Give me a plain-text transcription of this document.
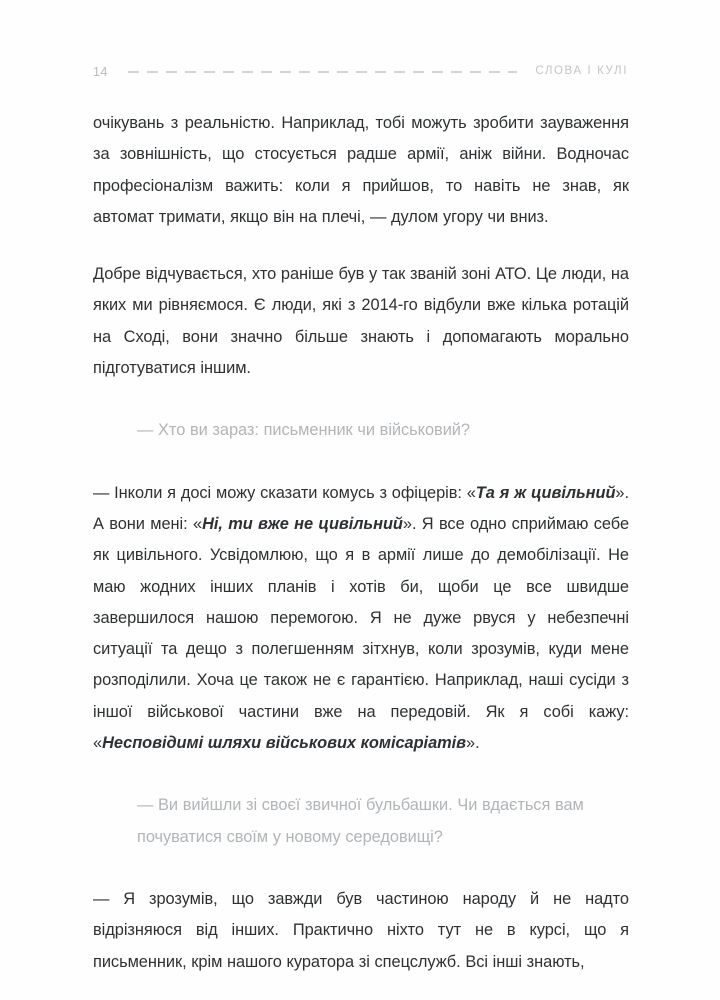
14	СЛОВА І КУЛІ

очікувань з реальністю. Наприклад, тобі можуть зробити зауваження за зовнішність, що стосується радше армії, аніж війни. Водночас професіоналізм важить: коли я прийшов, то навіть не знав, як автомат тримати, якщо він на плечі, — дулом угору чи вниз.

Добре відчувається, хто раніше був у так званій зоні АТО. Це люди, на яких ми рівняємося. Є люди, які з 2014-го відбули вже кілька ротацій на Сході, вони значно більше знають і допомагають морально підготуватися іншим.

— Хто ви зараз: письменник чи військовий?

— Інколи я досі можу сказати комусь з офіцерів: «Та я ж цивільний». А вони мені: «Ні, ти вже не цивільний». Я все одно сприймаю себе як цивільного. Усвідомлюю, що я в армії лише до демобілізації. Не маю жодних інших планів і хотів би, щоби це все швидше завершилося нашою перемогою. Я не дуже рвуся у небезпечні ситуації та дещо з полегшенням зітхнув, коли зрозумів, куди мене розподілили. Хоча це також не є гарантією. Наприклад, наші сусіди з іншої військової частини вже на передовій. Як я собі кажу: «Несповідимі шляхи військових комісаріатів».

— Ви вийшли зі своєї звичної бульбашки. Чи вдається вам почуватися своїм у новому середовищі?

— Я зрозумів, що завжди був частиною народу й не надто відрізняюся від інших. Практично ніхто тут не в курсі, що я письменник, крім нашого куратора зі спецслужб. Всі інші знають,
